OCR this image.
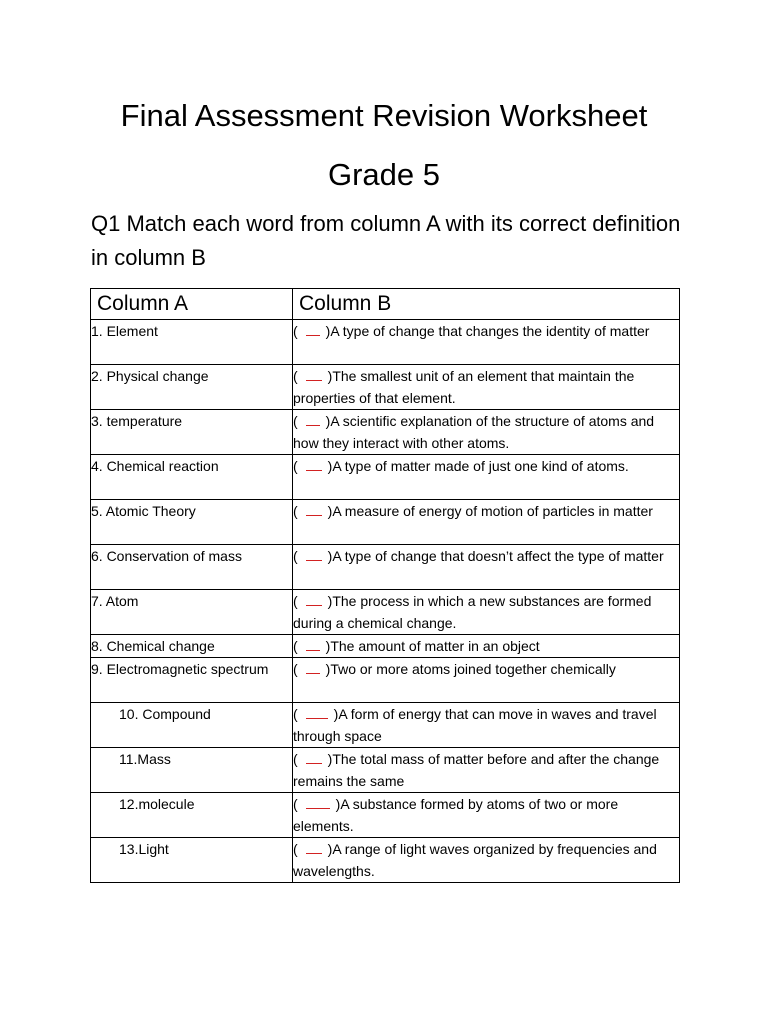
Final Assessment Revision Worksheet
Grade 5
Q1 Match each word from column A with its correct definition in column B
Column A	Column B

1. Element	( )A type of change that changes the identity of matter

2. Physical change	( )The smallest unit of an element that maintain the properties of that element.

3. temperature	( )A scientific explanation of the structure of atoms and how they interact with other atoms.

4. Chemical reaction	( )A type of matter made of just one kind of atoms.

5. Atomic Theory	( )A measure of energy of motion of particles in matter

6. Conservation of mass	( )A type of change that doesn’t affect the type of matter

7. Atom	( )The process in which a new substances are formed during a chemical change.

8. Chemical change	( )The amount of matter in an object

9. Electromagnetic spectrum	( )Two or more atoms joined together chemically

10. Compound	( )A form of energy that can move in waves and travel through space

11.Mass	( )The total mass of matter before and after the change remains the same

12.molecule	( )A substance formed by atoms of two or more elements.

13.Light	( )A range of light waves organized by frequencies and wavelengths.
